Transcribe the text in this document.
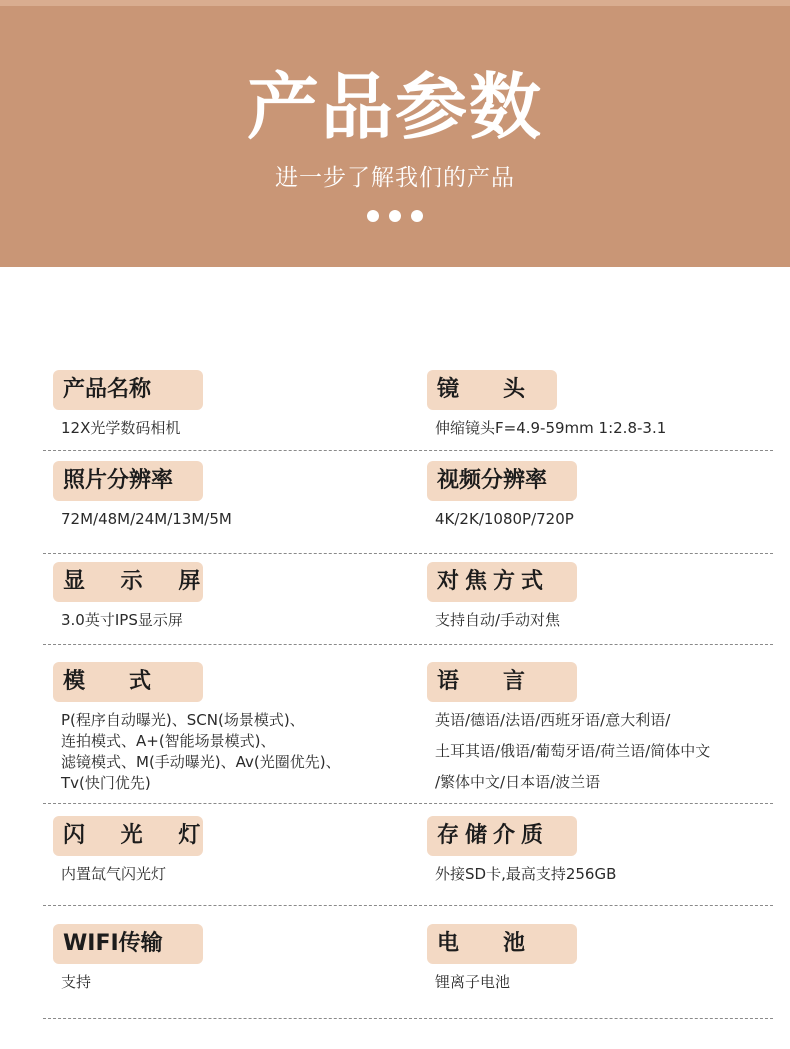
产品参数
进一步了解我们的产品
产品名称
12X光学数码相机
镜　　头
伸缩镜头F=4.9-59mm 1:2.8-3.1
照片分辨率
72M/48M/24M/13M/5M
视频分辨率
4K/2K/1080P/720P
显 示 屏
3.0英寸IPS显示屏
对焦方式
支持自动/手动对焦
模　　式
P(程序自动曝光)、SCN(场景模式)、
连拍模式、A+(智能场景模式)、
滤镜模式、M(手动曝光)、Av(光圈优先)、
Tv(快门优先)
语　　言
英语/德语/法语/西班牙语/意大利语/
土耳其语/俄语/葡萄牙语/荷兰语/简体中文
/繁体中文/日本语/波兰语
闪 光 灯
内置氙气闪光灯
存储介质
外接SD卡,最高支持256GB
WIFI传输
支持
电　　池
锂离子电池
